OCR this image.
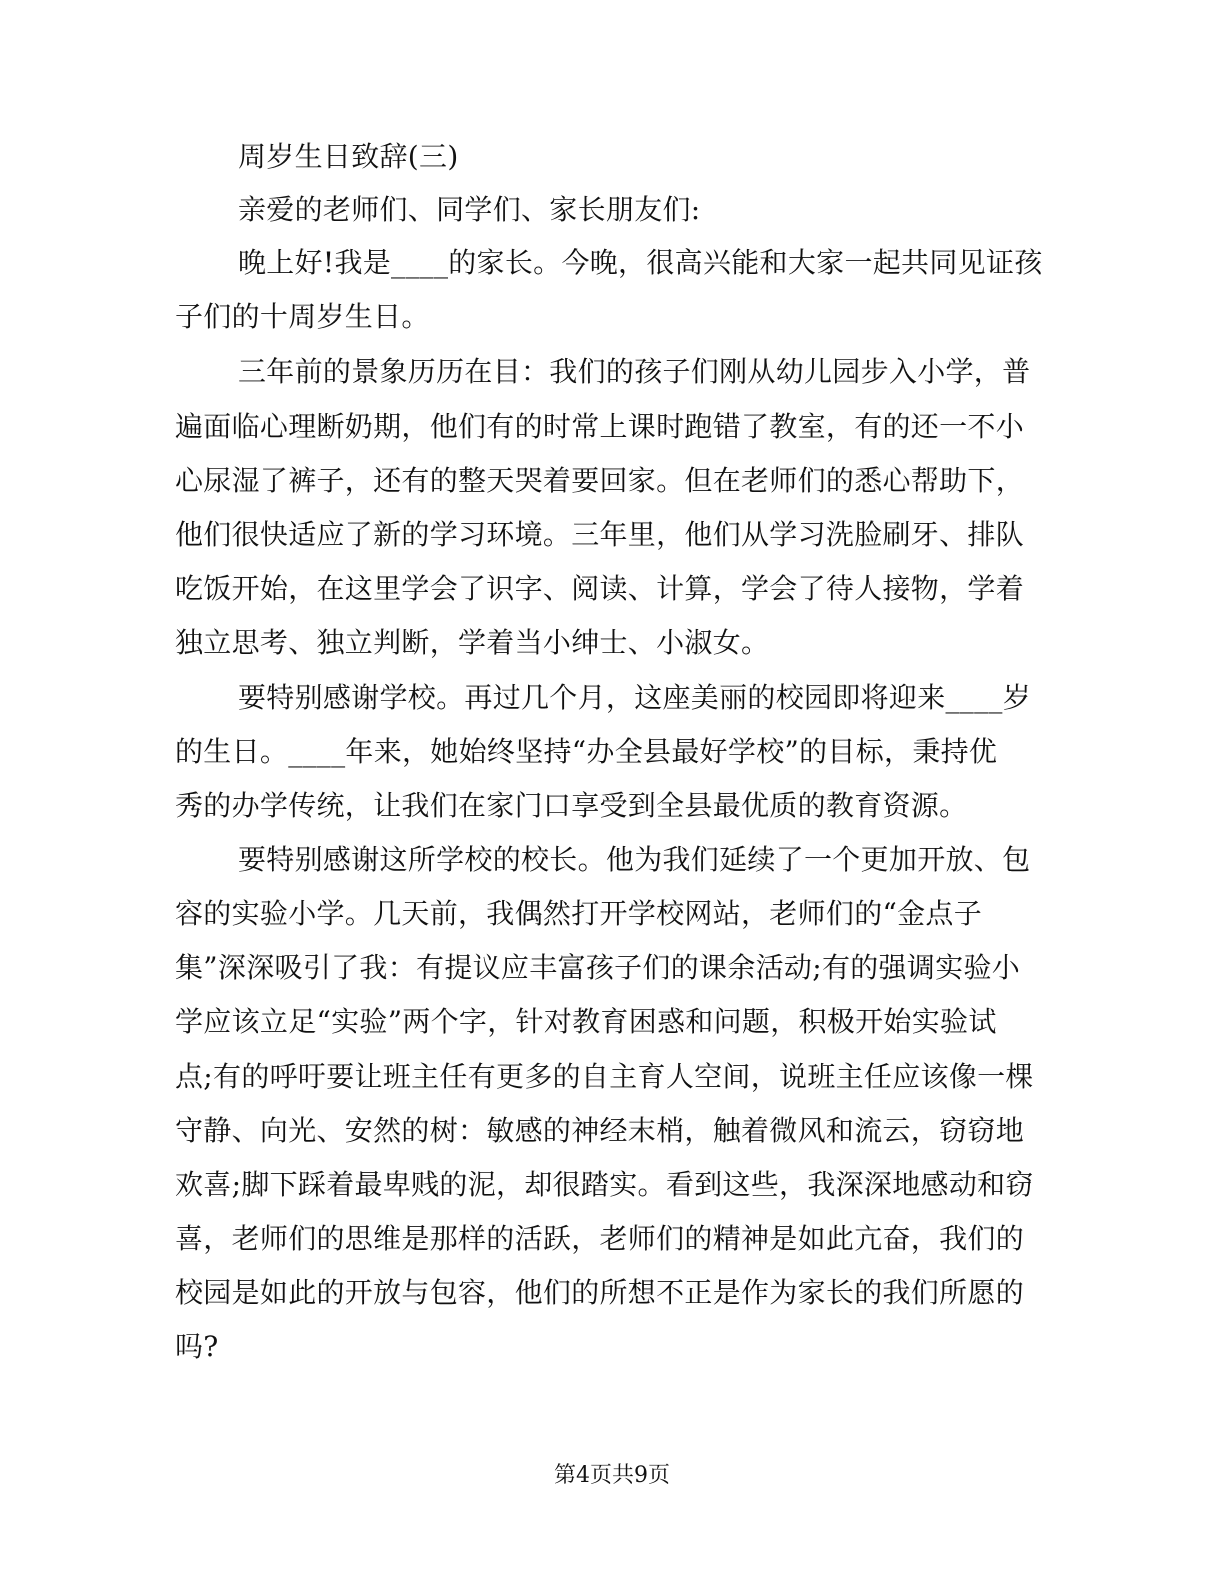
周岁生日致辞(三)
亲爱的老师们、同学们、家长朋友们:
晚上好!我是____的家长。今晚，很高兴能和大家一起共同见证孩
子们的十周岁生日。
三年前的景象历历在目：我们的孩子们刚从幼儿园步入小学，普
遍面临心理断奶期，他们有的时常上课时跑错了教室，有的还一不小
心尿湿了裤子，还有的整天哭着要回家。但在老师们的悉心帮助下，
他们很快适应了新的学习环境。三年里，他们从学习洗脸刷牙、排队
吃饭开始，在这里学会了识字、阅读、计算，学会了待人接物，学着
独立思考、独立判断，学着当小绅士、小淑女。
要特别感谢学校。再过几个月，这座美丽的校园即将迎来____岁
的生日。____年来，她始终坚持“办全县最好学校”的目标，秉持优
秀的办学传统，让我们在家门口享受到全县最优质的教育资源。
要特别感谢这所学校的校长。他为我们延续了一个更加开放、包
容的实验小学。几天前，我偶然打开学校网站，老师们的“金点子
集”深深吸引了我：有提议应丰富孩子们的课余活动;有的强调实验小
学应该立足“实验”两个字，针对教育困惑和问题，积极开始实验试
点;有的呼吁要让班主任有更多的自主育人空间，说班主任应该像一棵
守静、向光、安然的树：敏感的神经末梢，触着微风和流云，窃窃地
欢喜;脚下踩着最卑贱的泥，却很踏实。看到这些，我深深地感动和窃
喜，老师们的思维是那样的活跃，老师们的精神是如此亢奋，我们的
校园是如此的开放与包容，他们的所想不正是作为家长的我们所愿的
吗?
第4页共9页
